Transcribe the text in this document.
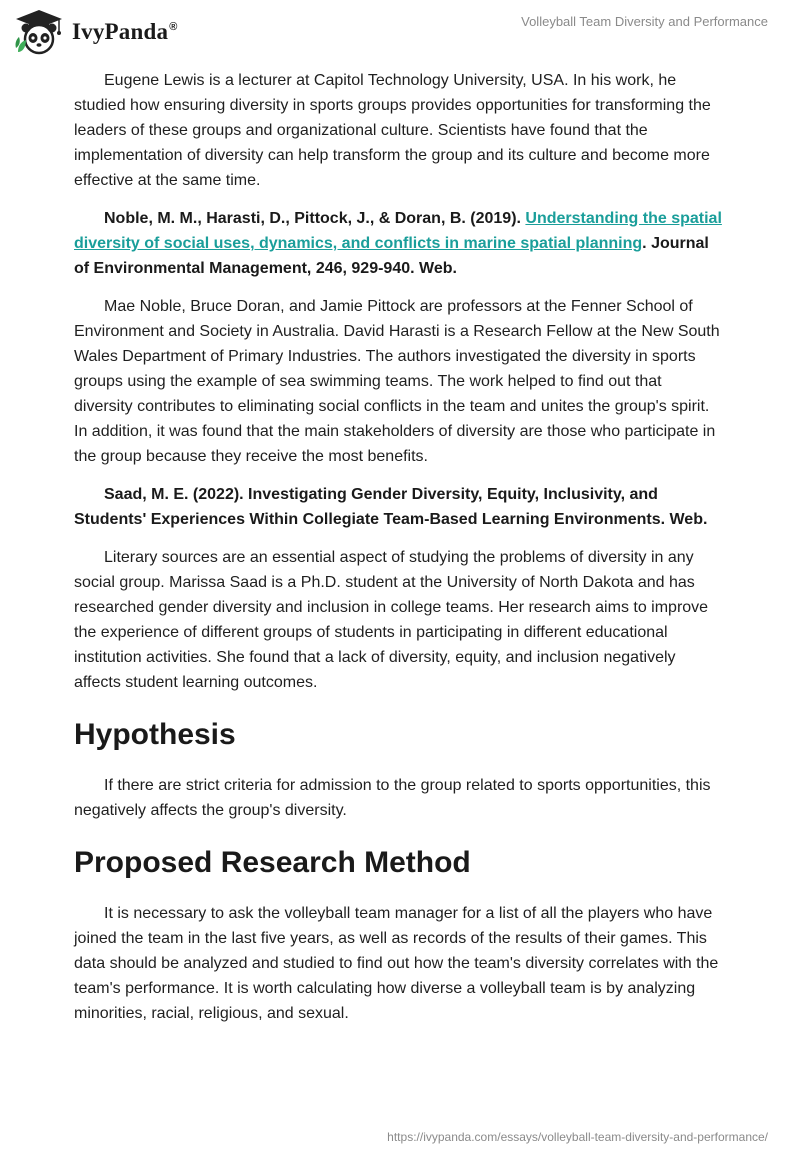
IvyPanda®	Volleyball Team Diversity and Performance

Eugene Lewis is a lecturer at Capitol Technology University, USA. In his work, he studied how ensuring diversity in sports groups provides opportunities for transforming the leaders of these groups and organizational culture. Scientists have found that the implementation of diversity can help transform the group and its culture and become more effective at the same time.

Noble, M. M., Harasti, D., Pittock, J., & Doran, B. (2019). Understanding the spatial diversity of social uses, dynamics, and conflicts in marine spatial planning. Journal of Environmental Management, 246, 929-940. Web.

Mae Noble, Bruce Doran, and Jamie Pittock are professors at the Fenner School of Environment and Society in Australia. David Harasti is a Research Fellow at the New South Wales Department of Primary Industries. The authors investigated the diversity in sports groups using the example of sea swimming teams. The work helped to find out that diversity contributes to eliminating social conflicts in the team and unites the group's spirit. In addition, it was found that the main stakeholders of diversity are those who participate in the group because they receive the most benefits.

Saad, M. E. (2022). Investigating Gender Diversity, Equity, Inclusivity, and Students' Experiences Within Collegiate Team-Based Learning Environments. Web.

Literary sources are an essential aspect of studying the problems of diversity in any social group. Marissa Saad is a Ph.D. student at the University of North Dakota and has researched gender diversity and inclusion in college teams. Her research aims to improve the experience of different groups of students in participating in different educational institution activities. She found that a lack of diversity, equity, and inclusion negatively affects student learning outcomes.

Hypothesis

If there are strict criteria for admission to the group related to sports opportunities, this negatively affects the group's diversity.

Proposed Research Method

It is necessary to ask the volleyball team manager for a list of all the players who have joined the team in the last five years, as well as records of the results of their games. This data should be analyzed and studied to find out how the team's diversity correlates with the team's performance. It is worth calculating how diverse a volleyball team is by analyzing minorities, racial, religious, and sexual.

https://ivypanda.com/essays/volleyball-team-diversity-and-performance/
